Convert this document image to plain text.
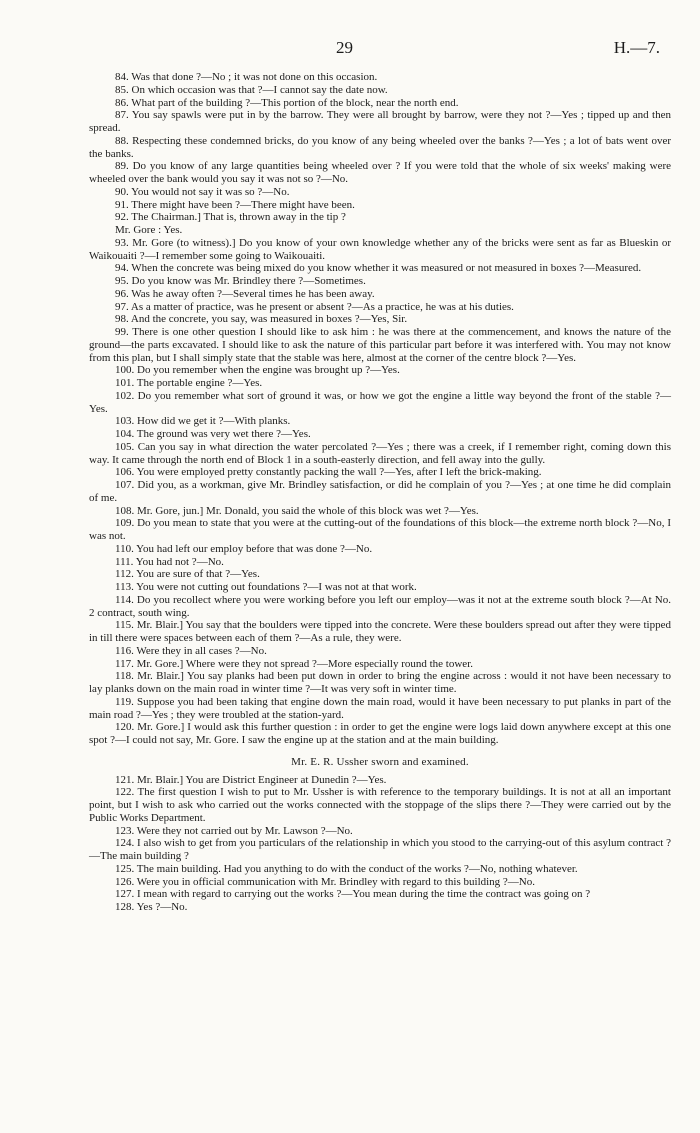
29	H.—7.

84. Was that done ?—No ; it was not done on this occasion.

85. On which occasion was that ?—I cannot say the date now.

86. What part of the building ?—This portion of the block, near the north end.

87. You say spawls were put in by the barrow. They were all brought by barrow, were they not ?—Yes ; tipped up and then spread.

88. Respecting these condemned bricks, do you know of any being wheeled over the banks ?—Yes ; a lot of bats went over the banks.

89. Do you know of any large quantities being wheeled over ? If you were told that the whole of six weeks' making were wheeled over the bank would you say it was not so ?—No.

90. You would not say it was so ?—No.

91. There might have been ?—There might have been.

92. The Chairman.] That is, thrown away in the tip ?

Mr. Gore : Yes.

93. Mr. Gore (to witness).] Do you know of your own knowledge whether any of the bricks were sent as far as Blueskin or Waikouaiti ?—I remember some going to Waikouaiti.

94. When the concrete was being mixed do you know whether it was measured or not measured in boxes ?—Measured.

95. Do you know was Mr. Brindley there ?—Sometimes.

96. Was he away often ?—Several times he has been away.

97. As a matter of practice, was he present or absent ?—As a practice, he was at his duties.

98. And the concrete, you say, was measured in boxes ?—Yes, Sir.

99. There is one other question I should like to ask him : he was there at the commencement, and knows the nature of the ground—the parts excavated. I should like to ask the nature of this particular part before it was interfered with. You may not know from this plan, but I shall simply state that the stable was here, almost at the corner of the centre block ?—Yes.

100. Do you remember when the engine was brought up ?—Yes.

101. The portable engine ?—Yes.

102. Do you remember what sort of ground it was, or how we got the engine a little way beyond the front of the stable ?—Yes.

103. How did we get it ?—With planks.

104. The ground was very wet there ?—Yes.

105. Can you say in what direction the water percolated ?—Yes ; there was a creek, if I remember right, coming down this way. It came through the north end of Block 1 in a south-easterly direction, and fell away into the gully.

106. You were employed pretty constantly packing the wall ?—Yes, after I left the brick-making.

107. Did you, as a workman, give Mr. Brindley satisfaction, or did he complain of you ?—Yes ; at one time he did complain of me.

108. Mr. Gore, jun.] Mr. Donald, you said the whole of this block was wet ?—Yes.

109. Do you mean to state that you were at the cutting-out of the foundations of this block—the extreme north block ?—No, I was not.

110. You had left our employ before that was done ?—No.

111. You had not ?—No.

112. You are sure of that ?—Yes.

113. You were not cutting out foundations ?—I was not at that work.

114. Do you recollect where you were working before you left our employ—was it not at the extreme south block ?—At No. 2 contract, south wing.

115. Mr. Blair.] You say that the boulders were tipped into the concrete. Were these boulders spread out after they were tipped in till there were spaces between each of them ?—As a rule, they were.

116. Were they in all cases ?—No.

117. Mr. Gore.] Where were they not spread ?—More especially round the tower.

118. Mr. Blair.] You say planks had been put down in order to bring the engine across : would it not have been necessary to lay planks down on the main road in winter time ?—It was very soft in winter time.

119. Suppose you had been taking that engine down the main road, would it have been necessary to put planks in part of the main road ?—Yes ; they were troubled at the station-yard.

120. Mr. Gore.] I would ask this further question : in order to get the engine were logs laid down anywhere except at this one spot ?—I could not say, Mr. Gore. I saw the engine up at the station and at the main building.

Mr. E. R. Ussher sworn and examined.

121. Mr. Blair.] You are District Engineer at Dunedin ?—Yes.

122. The first question I wish to put to Mr. Ussher is with reference to the temporary buildings. It is not at all an important point, but I wish to ask who carried out the works connected with the stoppage of the slips there ?—They were carried out by the Public Works Department.

123. Were they not carried out by Mr. Lawson ?—No.

124. I also wish to get from you particulars of the relationship in which you stood to the carrying-out of this asylum contract ?—The main building ?

125. The main building. Had you anything to do with the conduct of the works ?—No, nothing whatever.

126. Were you in official communication with Mr. Brindley with regard to this building ?—No.

127. I mean with regard to carrying out the works ?—You mean during the time the contract was going on ?

128. Yes ?—No.
